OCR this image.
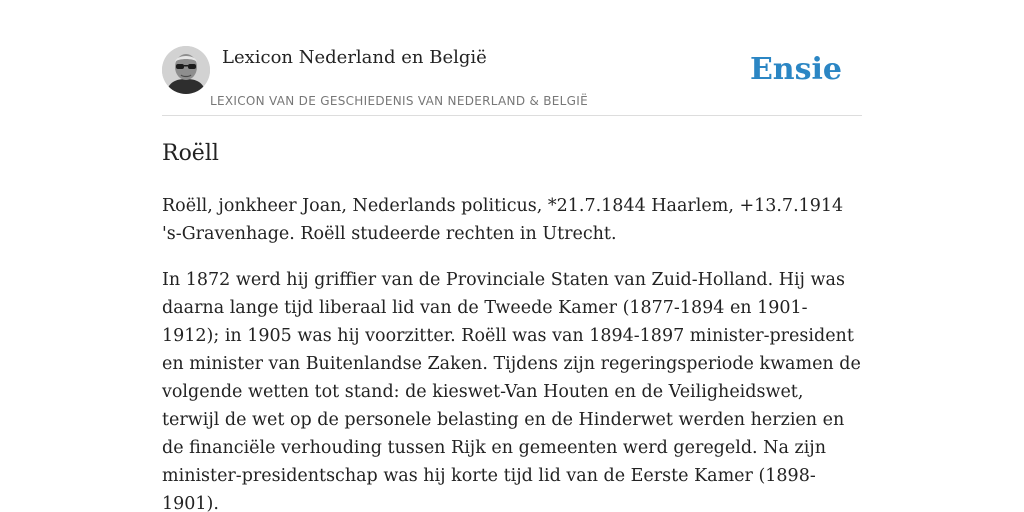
Lexicon Nederland en België
LEXICON VAN DE GESCHIEDENIS VAN NEDERLAND & BELGIË
Ensie
Roëll

Roëll, jonkheer Joan, Nederlands politicus, *21.7.1844 Haarlem, +13.7.1914 's-Gravenhage. Roëll studeerde rechten in Utrecht.

In 1872 werd hij griffier van de Provinciale Staten van Zuid-Holland. Hij was daarna lange tijd liberaal lid van de Tweede Kamer (1877-1894 en 1901-1912); in 1905 was hij voorzitter. Roëll was van 1894-1897 minister-president en minister van Buitenlandse Zaken. Tijdens zijn regeringsperiode kwamen de volgende wetten tot stand: de kieswet-Van Houten en de Veiligheidswet, terwijl de wet op de personele belasting en de Hinderwet werden herzien en de financiële verhouding tussen Rijk en gemeenten werd geregeld. Na zijn minister-presidentschap was hij korte tijd lid van de Eerste Kamer (1898-1901).
